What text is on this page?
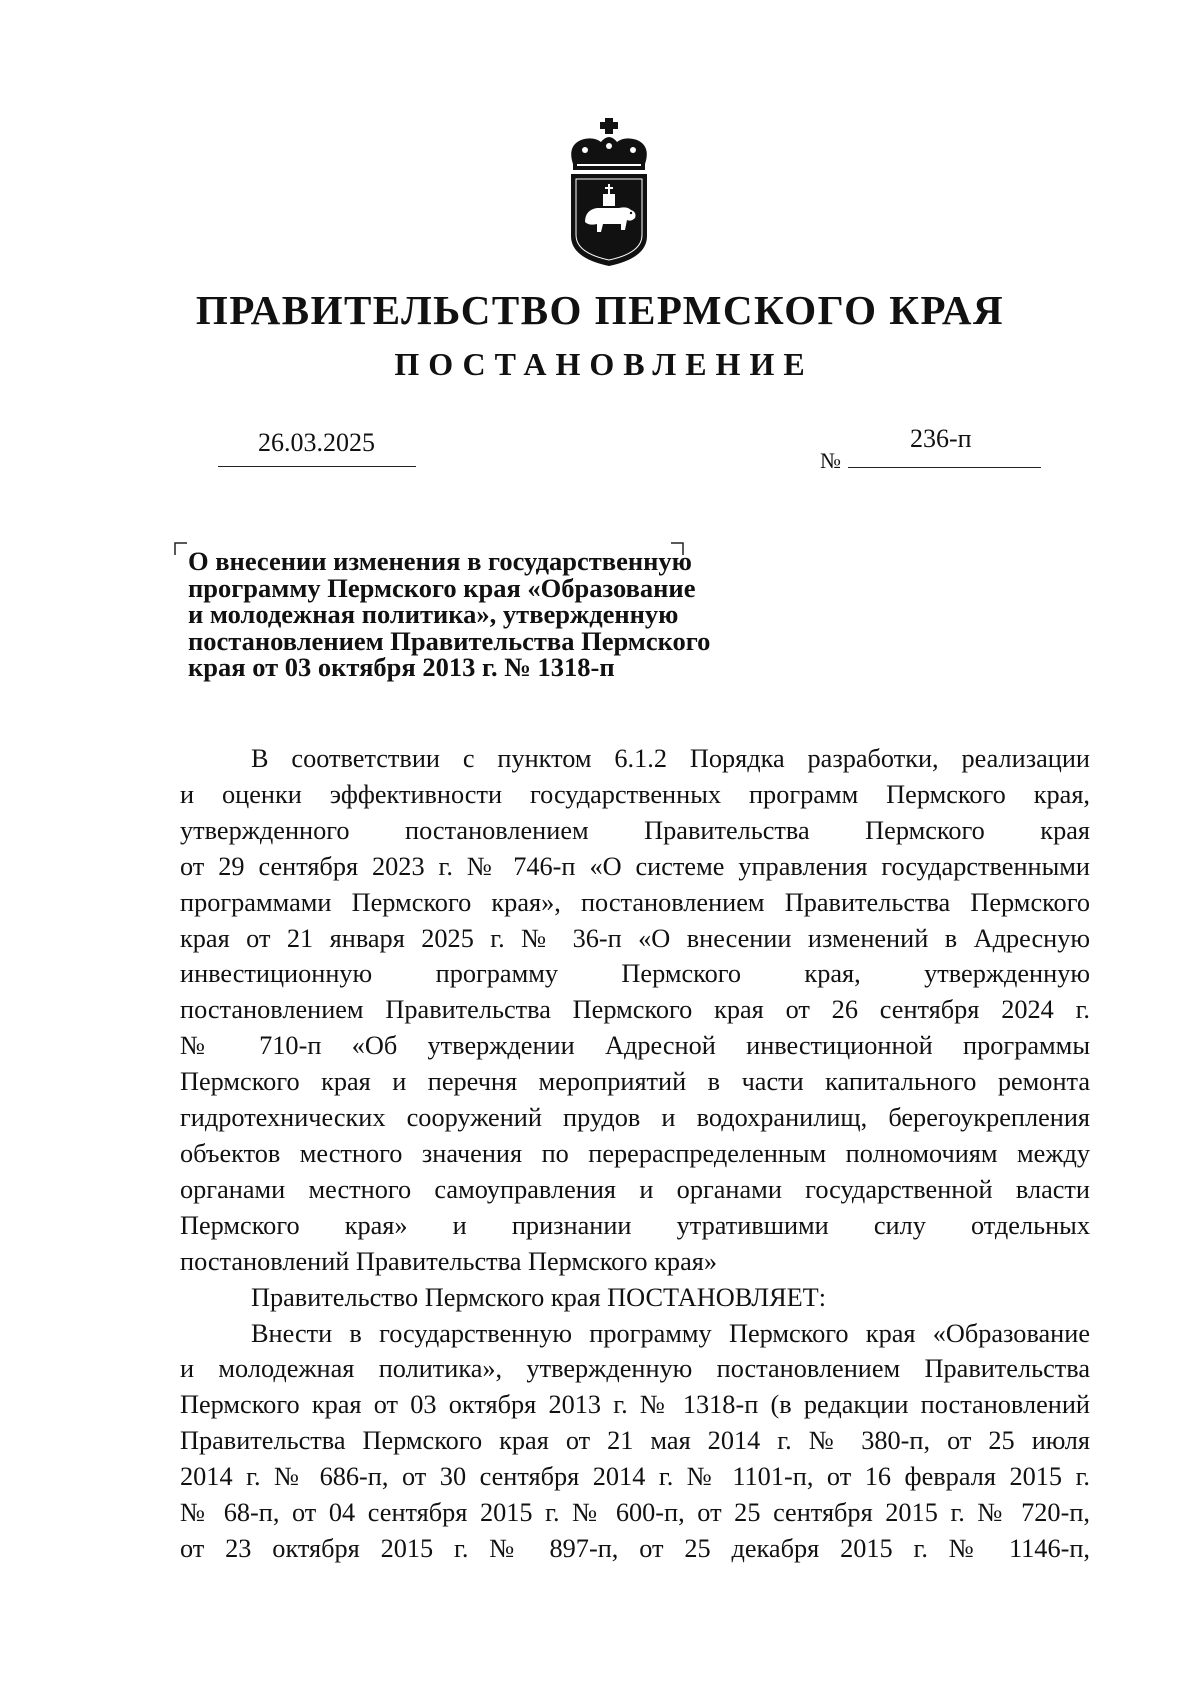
ПРАВИТЕЛЬСТВО ПЕРМСКОГО КРАЯ
ПОСТАНОВЛЕНИЕ
26.03.2025	236-п
№
О внесении изменения в государственную
программу Пермского края «Образование
и молодежная политика», утвержденную
постановлением Правительства Пермского
края от 03 октября 2013 г. № 1318-п

В соответствии с пунктом 6.1.2 Порядка разработки, реализации

и оценки эффективности государственных программ Пермского края,

утвержденного постановлением Правительства Пермского края

от 29 сентября 2023 г. № 746-п «О системе управления государственными

программами Пермского края», постановлением Правительства Пермского

края от 21 января 2025 г. № 36-п «О внесении изменений в Адресную

инвестиционную программу Пермского края, утвержденную

постановлением Правительства Пермского края от 26 сентября 2024 г.

№ 710-п «Об утверждении Адресной инвестиционной программы

Пермского края и перечня мероприятий в части капитального ремонта

гидротехнических сооружений прудов и водохранилищ, берегоукрепления

объектов местного значения по перераспределенным полномочиям между

органами местного самоуправления и органами государственной власти

Пермского края» и признании утратившими силу отдельных

постановлений Правительства Пермского края»

Правительство Пермского края ПОСТАНОВЛЯЕТ:

Внести в государственную программу Пермского края «Образование

и молодежная политика», утвержденную постановлением Правительства

Пермского края от 03 октября 2013 г. № 1318-п (в редакции постановлений

Правительства Пермского края от 21 мая 2014 г. № 380-п, от 25 июля

2014 г. № 686-п, от 30 сентября 2014 г. № 1101-п, от 16 февраля 2015 г.

№ 68-п, от 04 сентября 2015 г. № 600-п, от 25 сентября 2015 г. № 720-п,

от 23 октября 2015 г. № 897-п, от 25 декабря 2015 г. № 1146-п,
